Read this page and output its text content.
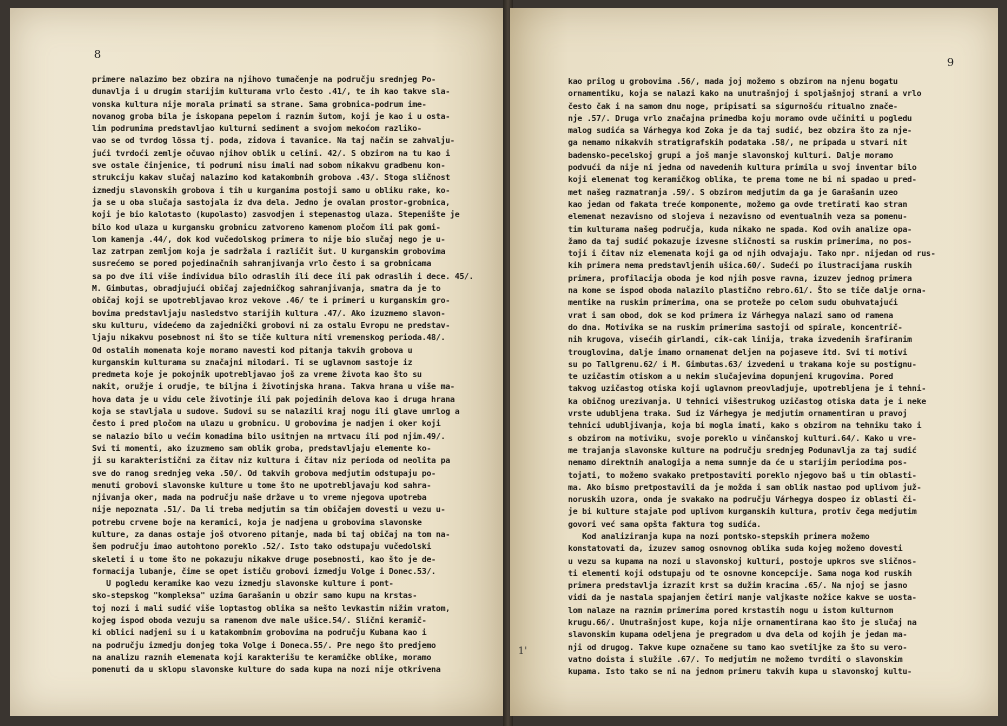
8
primere nalazimo bez obzira na njihovo tumačenje na području srednjeg Po-
dunavlja i u drugim starijim kulturama vrlo često .41/, te ih kao takve sla-
vonska kultura nije morala primati sa strane. Sama grobnica-podrum ime-
novanog groba bila je iskopana pepelom i raznim šutom, koji je kao i u osta-
lim podrumima predstavljao kulturni sediment a svojom mekoćom razliko-
vao se od tvrdog lössa tj. poda, zidova i tavanice. Na taj način se zahvalju-
jući tvrdoći zemlje očuvao njihov oblik u celini. 42/. S obzirom na tu kao i
sve ostale činjenice, ti podrumi nisu imali nad sobom nikakvu gradbenu kon-
strukciju kakav slučaj nalazimo kod katakombnih grobova .43/. Stoga sličnost
izmedju slavonskih grobova i tih u kurganima postoji samo u obliku rake, ko-
ja se u oba slučaja sastojala iz dva dela. Jedno je ovalan prostor-grobnica,
koji je bio kalotasto (kupolasto) zasvodjen i stepenastog ulaza. Stepenište je
bilo kod ulaza u kurgansku grobnicu zatvoreno kamenom pločom ili pak gomi-
lom kamenja .44/, dok kod vučedolskog primera to nije bio slučaj nego je u-
laz zatrpan zemljom koja je sadržala i različit šut. U kurganskim grobovima
susrećemo se pored pojedinačnih sahranjivanja vrlo često i sa grobnicama
sa po dve ili više individua bilo odraslih ili dece ili pak odraslih i dece. 45/.
M. Gimbutas, obradjujući običaj zajedničkog sahranjivanja, smatra da je to
običaj koji se upotrebljavao kroz vekove .46/ te i primeri u kurganskim gro-
bovima predstavljaju nasledstvo starijih kultura .47/. Ako izuzmemo slavon-
sku kulturu, videćemo da zajednički grobovi ni za ostalu Evropu ne predstav-
ljaju nikakvu posebnost ni što se tiče kultura niti vremenskog perioda.48/.
Od ostalih momenata koje moramo navesti kod pitanja takvih grobova u
kurganskim kulturama su značajni milodari. Ti se uglavnom sastoje iz
predmeta koje je pokojnik upotrebljavao još za vreme života kao što su
nakit, oružje i orudje, te biljna i životinjska hrana. Takva hrana u više ma-
hova data je u vidu cele životinje ili pak pojedinih delova kao i druga hrana
koja se stavljala u sudove. Sudovi su se nalazili kraj nogu ili glave umrlog a
često i pred pločom na ulazu u grobnicu. U grobovima je nadjen i oker koji
se nalazio bilo u većim komadima bilo usitnjen na mrtvacu ili pod njim.49/.
Svi ti momenti, ako izuzmemo sam oblik groba, predstavljaju elemente ko-
ji su karakteristični za čitav niz kultura i čitav niz perioda od neolita pa
sve do ranog srednjeg veka .50/. Od takvih grobova medjutim odstupaju po-
menuti grobovi slavonske kulture u tome što ne upotrebljavaju kod sahra-
njivanja oker, mada na području naše države u to vreme njegova upotreba
nije nepoznata .51/. Da li treba medjutim sa tim običajem dovesti u vezu u-
potrebu crvene boje na keramici, koja je nadjena u grobovima slavonske
kulture, za danas ostaje još otvoreno pitanje, mada bi taj običaj na tom na-
šem području imao autohtono poreklo .52/. Isto tako odstupaju vučedolski
skeleti i u tome što ne pokazuju nikakve druge posebnosti, kao što je de-
formacija lubanje, čime se opet ističu grobovi izmedju Volge i Donec.53/.
U pogledu keramike kao vezu izmedju slavonske kulture i pont-
sko-stepskog "kompleksa" uzima Garašanin u obzir samo kupu na krstas-
toj nozi i mali sudić više loptastog oblika sa nešto levkastim nižim vratom,
kojeg ispod oboda vezuju sa ramenom dve male ušice.54/. Slični keramič-
ki oblici nadjeni su i u katakombnim grobovima na području Kubana kao i
na području izmedju donjeg toka Volge i Doneca.55/. Pre nego što predjemo
na analizu raznih elemenata koji karakterišu te keramičke oblike, moramo
pomenuti da u sklopu slavonske kulture do sada kupa na nozi nije otkrivena
9
1'
kao prilog u grobovima .56/, mada joj možemo s obzirom na njenu bogatu
ornamentiku, koja se nalazi kako na unutrašnjoj i spoljašnjoj strani a vrlo
često čak i na samom dnu noge, pripisati sa sigurnošću ritualno znače-
nje .57/. Druga vrlo značajna primedba koju moramo ovde učiniti u pogledu
malog sudića sa Várhegya kod Zoka je da taj sudić, bez obzira što za nje-
ga nemamo nikakvih stratigrafskih podataka .58/, ne pripada u stvari nit
badensko-pecelskoj grupi a još manje slavonskoj kulturi. Dalje moramo
podvući da nije ni jedna od navedenih kultura primila u svoj inventar bilo
koji elemenat tog keramičkog oblika, te prema tome ne bi ni spadao u pred-
met našeg razmatranja .59/. S obzirom medjutim da ga je Garašanin uzeo
kao jedan od fakata treće komponente, možemo ga ovde tretirati kao stran
elemenat nezavisno od slojeva i nezavisno od eventualnih veza sa pomenu-
tim kulturama našeg područja, kuda nikako ne spada. Kod ovih analize opa-
žamo da taj sudić pokazuje izvesne sličnosti sa ruskim primerima, no pos-
toji i čitav niz elemenata koji ga od njih odvajaju. Tako npr. nijedan od rus-
kih primera nema predstavljenih ušica.60/. Sudeći po ilustracijama ruskih
primera, profilacija oboda je kod njih posve ravna, izuzev jednog primera
na kome se ispod oboda nalazilo plastično rebro.61/. Što se tiče dalje orna-
mentike na ruskim primerima, ona se proteže po celom sudu obuhvatajući
vrat i sam obod, dok se kod primera iz Várhegya nalazi samo od ramena
do dna. Motivika se na ruskim primerima sastoji od spirale, koncentrič-
nih krugova, visećih girlandi, cik-cak linija, traka izvedenih šrafiranim
trouglovima, dalje imamo ornamenat deljen na pojaseve itd. Svi ti motivi
su po Tallgrenu.62/ i M. Gimbutas.63/ izvedeni u trakama koje su postignu-
te uzičastim otiskom a u nekim slučajevima dopunjeni krugovima. Pored
takvog uzičastog otiska koji uglavnom preovladjuje, upotrebljena je i tehni-
ka običnog urezivanja. U tehnici višestrukog uzičastog otiska data je i neke
vrste udubljena traka. Sud iz Várhegya je medjutim ornamentiran u pravoj
tehnici udubljivanja, koja bi mogla imati, kako s obzirom na tehniku tako i
s obzirom na motiviku, svoje poreklo u vinčanskoj kulturi.64/. Kako u vre-
me trajanja slavonske kulture na području srednjeg Podunavlja za taj sudić
nemamo direktnih analogija a nema sumnje da će u starijim periodima pos-
tojati, to možemo svakako pretpostaviti poreklo njegovo baš u tim oblasti-
ma. Ako bismo pretpostavili da je možda i sam oblik nastao pod uplivom juž-
noruskih uzora, onda je svakako na području Várhegya dospeo iz oblasti či-
je bi kulture stajale pod uplivom kurganskih kultura, protiv čega medjutim
govori već sama opšta faktura tog sudića.
Kod analiziranja kupa na nozi pontsko-stepskih primera možemo
konstatovati da, izuzev samog osnovnog oblika suda kojeg možemo dovesti
u vezu sa kupama na nozi u slavonskoj kulturi, postoje upkros sve sličnos-
ti elementi koji odstupaju od te osnovne koncepcije. Sama noga kod ruskih
primera predstavlja izrazit krst sa dužim kracima .65/. Na njoj se jasno
vidi da je nastala spajanjem četiri manje valjkaste nožice kakve se uosta-
lom nalaze na raznim primerima pored krstastih nogu u istom kulturnom
krugu.66/. Unutrašnjost kupe, koja nije ornamentirana kao što je slučaj na
slavonskim kupama odeljena je pregradom u dva dela od kojih je jedan ma-
nji od drugog. Takve kupe označene su tamo kao svetiljke za što su vero-
vatno doista i služile .67/. To medjutim ne možemo tvrditi o slavonskim
kupama. Isto tako se ni na jednom primeru takvih kupa u slavonskoj kultu-
